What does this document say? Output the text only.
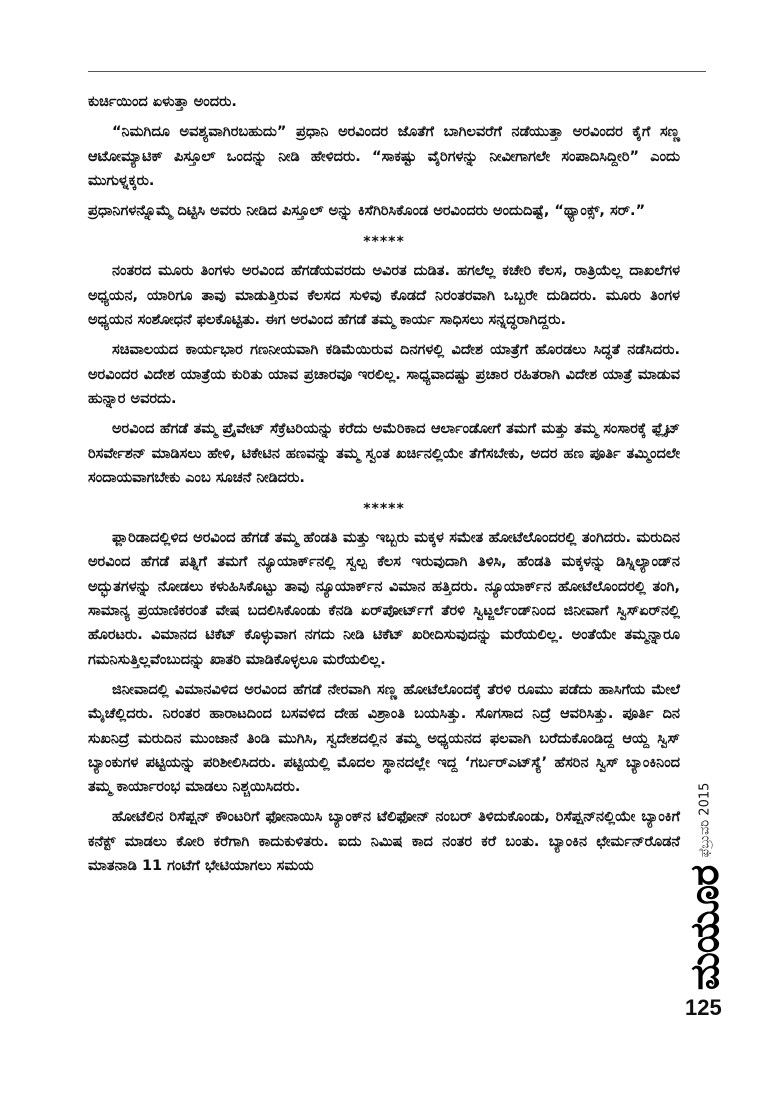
ಕುರ್ಚಿಯಿಂದ ಏಳುತ್ತಾ ಅಂದರು.

“ನಿಮಗಿದೂ ಅವಶ್ಯವಾಗಿರಬಹುದು” ಪ್ರಧಾನಿ ಅರವಿಂದರ ಜೊತೆಗೆ ಬಾಗಿಲವರೆಗೆ ನಡೆಯುತ್ತಾ ಅರವಿಂದರ ಕೈಗೆ ಸಣ್ಣ ಆಟೋಮ್ಯಾಟಿಕ್ ಪಿಸ್ತೂಲ್ ಒಂದನ್ನು ನೀಡಿ ಹೇಳಿದರು. “ಸಾಕಷ್ಟು ವೈರಿಗಳನ್ನು ನೀವೀಗಾಗಲೇ ಸಂಪಾದಿಸಿದ್ದೀರಿ” ಎಂದು ಮುಗುಳ್ನಕ್ಕರು.

ಪ್ರಧಾನಿಗಳನ್ನೊಮ್ಮೆ ದಿಟ್ಟಿಸಿ ಅವರು ನೀಡಿದ ಪಿಸ್ತೂಲ್ ಅನ್ನು ಕಿಸೆಗಿರಿಸಿಕೊಂಡ ಅರವಿಂದರು ಅಂದುದಿಷ್ಟೆ, “ಥ್ಯಾಂಕ್ಸ್, ಸರ್.”

*****

ನಂತರದ ಮೂರು ತಿಂಗಳು ಅರವಿಂದ ಹೆಗಡೆಯವರದು ಅವಿರತ ದುಡಿತ. ಹಗಲೆಲ್ಲ ಕಚೇರಿ ಕೆಲಸ, ರಾತ್ರಿಯೆಲ್ಲ ದಾಖಲೆಗಳ ಅಧ್ಯಯನ, ಯಾರಿಗೂ ತಾವು ಮಾಡುತ್ತಿರುವ ಕೆಲಸದ ಸುಳಿವು ಕೊಡದೆ ನಿರಂತರವಾಗಿ ಒಬ್ಬರೇ ದುಡಿದರು. ಮೂರು ತಿಂಗಳ ಅಧ್ಯಯನ ಸಂಶೋಧನೆ ಫಲಕೊಟ್ಟಿತು. ಈಗ ಅರವಿಂದ ಹೆಗಡೆ ತಮ್ಮ ಕಾರ್ಯ ಸಾಧಿಸಲು ಸನ್ನದ್ಧರಾಗಿದ್ದರು.

ಸಚಿವಾಲಯದ ಕಾರ್ಯಭಾರ ಗಣನೀಯವಾಗಿ ಕಡಿಮೆಯಿರುವ ದಿನಗಳಲ್ಲಿ ವಿದೇಶ ಯಾತ್ರೆಗೆ ಹೊರಡಲು ಸಿದ್ಧತೆ ನಡೆಸಿದರು. ಅರವಿಂದರ ವಿದೇಶ ಯಾತ್ರೆಯ ಕುರಿತು ಯಾವ ಪ್ರಚಾರವೂ ಇರಲಿಲ್ಲ. ಸಾಧ್ಯವಾದಷ್ಟು ಪ್ರಚಾರ ರಹಿತರಾಗಿ ವಿದೇಶ ಯಾತ್ರೆ ಮಾಡುವ ಹುನ್ನಾರ ಅವರದು.

ಅರವಿಂದ ಹೆಗಡೆ ತಮ್ಮ ಪ್ರೈವೇಟ್ ಸೆಕ್ರೆಟರಿಯನ್ನು ಕರೆದು ಅಮೆರಿಕಾದ ಆರ್ಲಾಂಡೋಗೆ ತಮಗೆ ಮತ್ತು ತಮ್ಮ ಸಂಸಾರಕ್ಕೆ ಫ್ಲೈಟ್ ರಿಸರ್ವೇಶನ್ ಮಾಡಿಸಲು ಹೇಳಿ, ಟಿಕೇಟಿನ ಹಣವನ್ನು ತಮ್ಮ ಸ್ವಂತ ಖರ್ಚಿನಲ್ಲಿಯೇ ತೆಗೆಸಬೇಕು, ಅದರ ಹಣ ಪೂರ್ತಿ ತಮ್ಮಿಂದಲೇ ಸಂದಾಯವಾಗಬೇಕು ಎಂಬ ಸೂಚನೆ ನೀಡಿದರು.

*****

ಫ್ಲಾರಿಡಾದಲ್ಲಿಳಿದ ಅರವಿಂದ ಹೆಗಡೆ ತಮ್ಮ ಹೆಂಡತಿ ಮತ್ತು ಇಬ್ಬರು ಮಕ್ಕಳ ಸಮೇತ ಹೋಟೆಲೊಂದರಲ್ಲಿ ತಂಗಿದರು. ಮರುದಿನ ಅರವಿಂದ ಹೆಗಡೆ ಪತ್ನಿಗೆ ತಮಗೆ ನ್ಯೂಯಾರ್ಕ್‌ನಲ್ಲಿ ಸ್ವಲ್ಪ ಕೆಲಸ ಇರುವುದಾಗಿ ತಿಳಿಸಿ, ಹೆಂಡತಿ ಮಕ್ಕಳನ್ನು ಡಿಸ್ನಿಲ್ಯಾಂಡ್‌ನ ಅದ್ಭುತಗಳನ್ನು ನೋಡಲು ಕಳುಹಿಸಿಕೊಟ್ಟು ತಾವು ನ್ಯೂಯಾರ್ಕ್‌ನ ವಿಮಾನ ಹತ್ತಿದರು. ನ್ಯೂಯಾರ್ಕ್‌ನ ಹೋಟೆಲೊಂದರಲ್ಲಿ ತಂಗಿ, ಸಾಮಾನ್ಯ ಪ್ರಯಾಣಿಕರಂತೆ ವೇಷ ಬದಲಿಸಿಕೊಂಡು ಕೆನಡಿ ಏರ್‌ಪೋರ್ಟ್‌ಗೆ ತೆರಳಿ ಸ್ವಿಟ್ಜರ್ಲೆಂಡ್‌ನಿಂದ ಜಿನೀವಾಗೆ ಸ್ವಿಸ್‌ಏರ್‌ನಲ್ಲಿ ಹೊರಟರು. ವಿಮಾನದ ಟಿಕೆಟ್ ಕೊಳ್ಳುವಾಗ ನಗದು ನೀಡಿ ಟಿಕೆಟ್ ಖರೀದಿಸುವುದನ್ನು ಮರೆಯಲಿಲ್ಲ. ಅಂತೆಯೇ ತಮ್ಮನ್ನಾರೂ ಗಮನಿಸುತ್ತಿಲ್ಲವೆಂಬುದನ್ನು ಖಾತರಿ ಮಾಡಿಕೊಳ್ಳಲೂ ಮರೆಯಲಿಲ್ಲ.

ಜಿನೀವಾದಲ್ಲಿ ವಿಮಾನವಿಳಿದ ಅರವಿಂದ ಹೆಗಡೆ ನೇರವಾಗಿ ಸಣ್ಣ ಹೋಟೆಲೊಂದಕ್ಕೆ ತೆರಳಿ ರೂಮು ಪಡೆದು ಹಾಸಿಗೆಯ ಮೇಲೆ ಮೈಚೆಲ್ಲಿದರು. ನಿರಂತರ ಹಾರಾಟದಿಂದ ಬಸವಳಿದ ದೇಹ ವಿಶ್ರಾಂತಿ ಬಯಸಿತ್ತು. ಸೊಗಸಾದ ನಿದ್ರೆ ಆವರಿಸಿತ್ತು. ಪೂರ್ತಿ ದಿನ ಸುಖನಿದ್ರೆ ಮರುದಿನ ಮುಂಜಾನೆ ತಿಂಡಿ ಮುಗಿಸಿ, ಸ್ವದೇಶದಲ್ಲಿನ ತಮ್ಮ ಅಧ್ಯಯನದ ಫಲವಾಗಿ ಬರೆದುಕೊಂಡಿದ್ದ ಆಯ್ದ ಸ್ವಿಸ್ ಬ್ಯಾಂಕುಗಳ ಪಟ್ಟಿಯನ್ನು ಪರಿಶೀಲಿಸಿದರು. ಪಟ್ಟಿಯಲ್ಲಿ ಮೊದಲ ಸ್ಥಾನದಲ್ಲೇ ಇದ್ದ ‘ಗರ್ಬರ್‌ಎಟ್‌ಸ್ಯೆ’ ಹೆಸರಿನ ಸ್ವಿಸ್ ಬ್ಯಾಂಕಿನಿಂದ ತಮ್ಮ ಕಾರ್ಯಾರಂಭ ಮಾಡಲು ನಿಶ್ಚಯಿಸಿದರು.

ಹೋಟೆಲಿನ ರಿಸೆಪ್ಷನ್ ಕೌಂಟರಿಗೆ ಫೋನಾಯಿಸಿ ಬ್ಯಾಂಕ್‌ನ ಟೆಲಿಫೋನ್ ನಂಬರ್ ತಿಳಿದುಕೊಂಡು, ರಿಸೆಪ್ಷನ್‌ನಲ್ಲಿಯೇ ಬ್ಯಾಂಕಿಗೆ ಕನೆಕ್ಟ್ ಮಾಡಲು ಕೋರಿ ಕರೆಗಾಗಿ ಕಾದುಕುಳಿತರು. ಐದು ನಿಮಿಷ ಕಾದ ನಂತರ ಕರೆ ಬಂತು. ಬ್ಯಾಂಕಿನ ಛೇರ್ಮನ್‌ರೊಡನೆ ಮಾತನಾಡಿ 11 ಗಂಟೆಗೆ ಭೇಟಿಯಾಗಲು ಸಮಯ

ಫೆಬ್ರುವರಿ 2015
ಮಯೂರ
125
